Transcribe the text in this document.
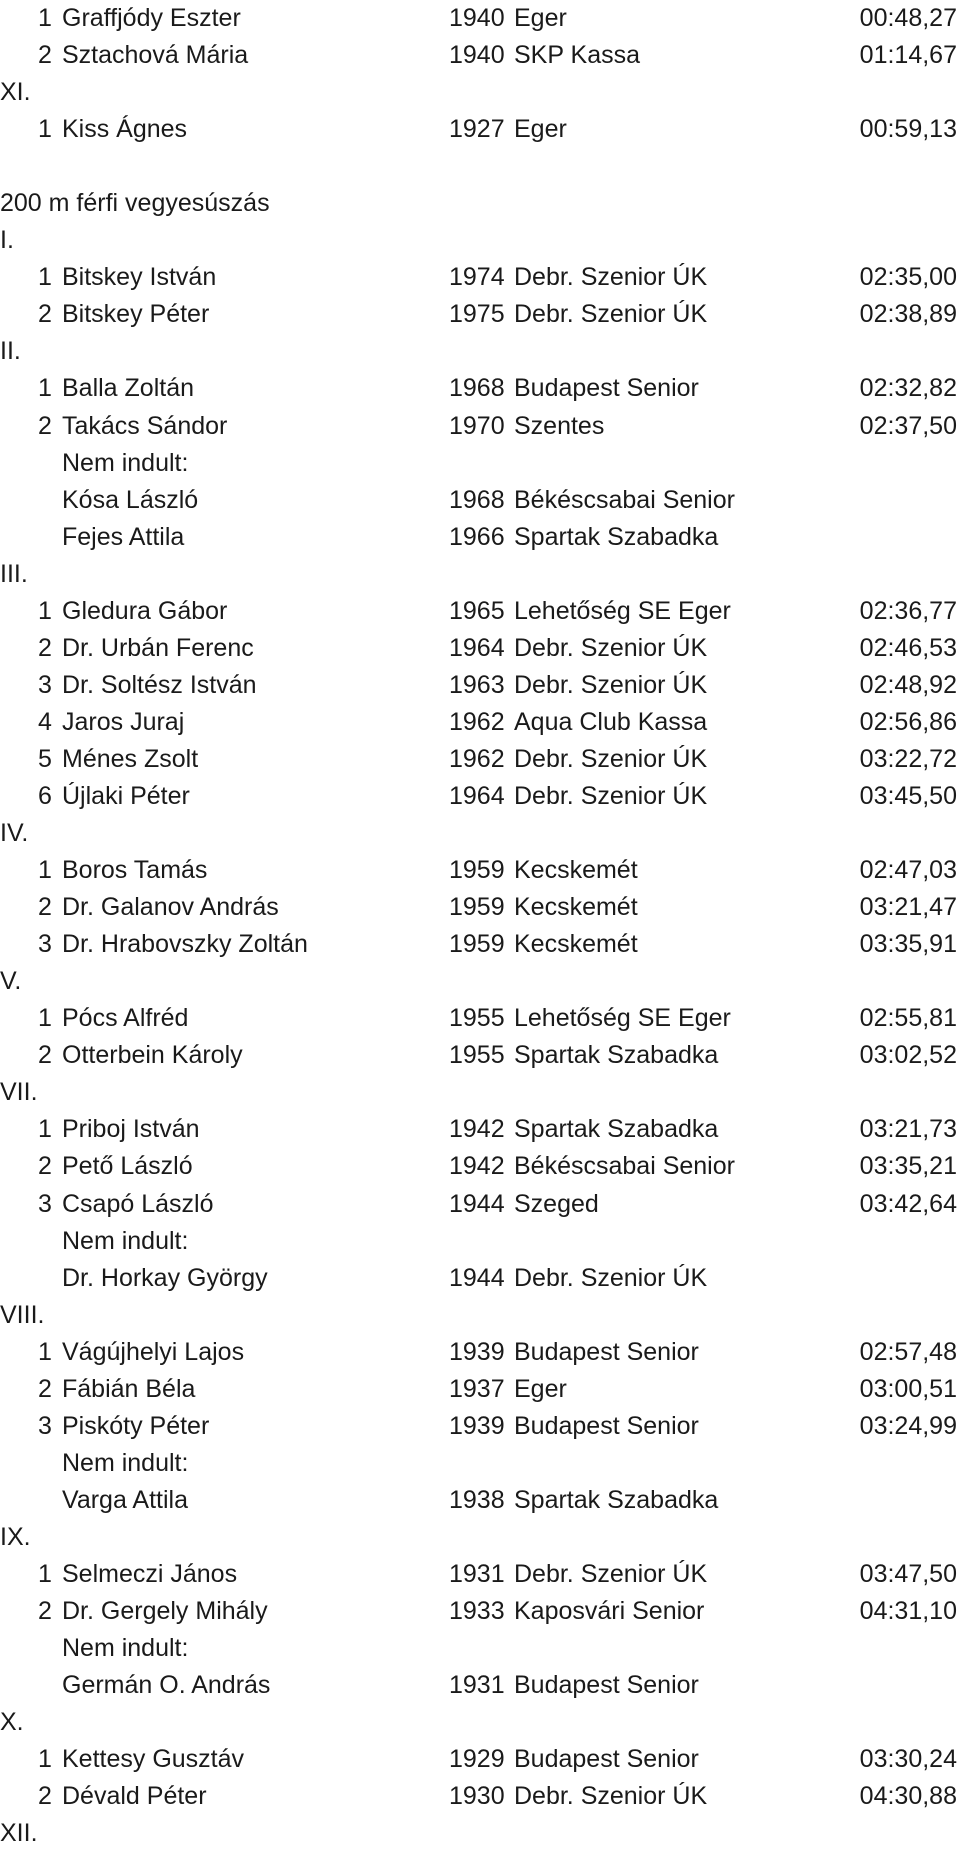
1 Graffjódy Eszter	1940 Eger	00:48,27
2 Sztachová Mária	1940 SKP Kassa	01:14,67
XI.
1 Kiss Ágnes	1927 Eger	00:59,13
200 m férfi vegyesúszás
I.
1 Bitskey István	1974 Debr. Szenior ÚK	02:35,00
2 Bitskey Péter	1975 Debr. Szenior ÚK	02:38,89
II.
1 Balla Zoltán	1968 Budapest Senior	02:32,82
2 Takács Sándor	1970 Szentes	02:37,50
Nem indult:
Kósa László	1968 Békéscsabai Senior
Fejes Attila	1966 Spartak Szabadka
III.
1 Gledura Gábor	1965 Lehetőség SE Eger	02:36,77
2 Dr. Urbán Ferenc	1964 Debr. Szenior ÚK	02:46,53
3 Dr. Soltész István	1963 Debr. Szenior ÚK	02:48,92
4 Jaros Juraj	1962 Aqua Club Kassa	02:56,86
5 Ménes Zsolt	1962 Debr. Szenior ÚK	03:22,72
6 Újlaki Péter	1964 Debr. Szenior ÚK	03:45,50
IV.
1 Boros Tamás	1959 Kecskemét	02:47,03
2 Dr. Galanov András	1959 Kecskemét	03:21,47
3 Dr. Hrabovszky Zoltán	1959 Kecskemét	03:35,91
V.
1 Pócs Alfréd	1955 Lehetőség SE Eger	02:55,81
2 Otterbein Károly	1955 Spartak Szabadka	03:02,52
VII.
1 Priboj István	1942 Spartak Szabadka	03:21,73
2 Pető László	1942 Békéscsabai Senior	03:35,21
3 Csapó László	1944 Szeged	03:42,64
Nem indult:
Dr. Horkay György	1944 Debr. Szenior ÚK
VIII.
1 Vágújhelyi Lajos	1939 Budapest Senior	02:57,48
2 Fábián Béla	1937 Eger	03:00,51
3 Piskóty Péter	1939 Budapest Senior	03:24,99
Nem indult:
Varga Attila	1938 Spartak Szabadka
IX.
1 Selmeczi János	1931 Debr. Szenior ÚK	03:47,50
2 Dr. Gergely Mihály	1933 Kaposvári Senior	04:31,10
Nem indult:
Germán O. András	1931 Budapest Senior
X.
1 Kettesy Gusztáv	1929 Budapest Senior	03:30,24
2 Dévald Péter	1930 Debr. Szenior ÚK	04:30,88
XII.
